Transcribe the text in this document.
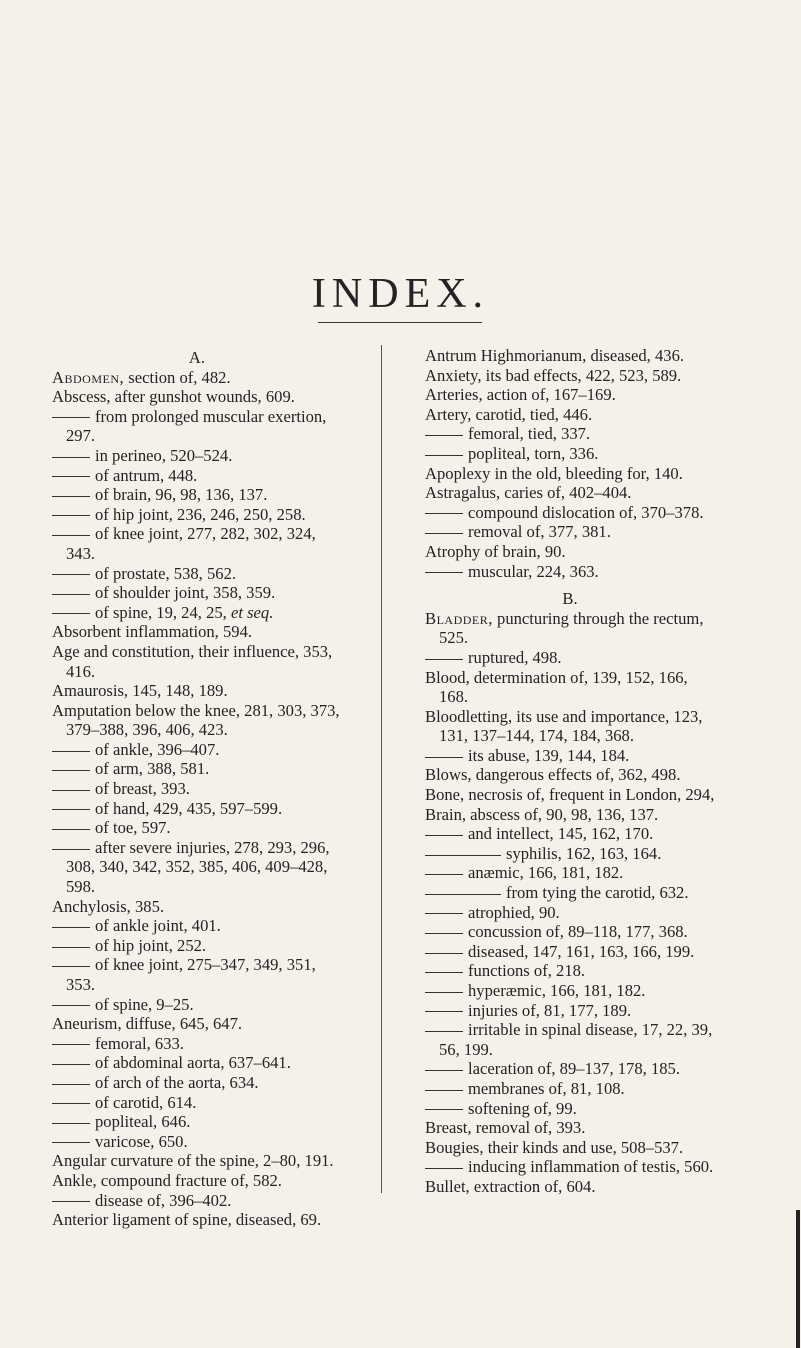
INDEX.

A.

Abdomen, section of, 482.

Abscess, after gunshot wounds, 609.

from prolonged muscular exertion, 297.

in perineo, 520–524.

of antrum, 448.

of brain, 96, 98, 136, 137.

of hip joint, 236, 246, 250, 258.

of knee joint, 277, 282, 302, 324, 343.

of prostate, 538, 562.

of shoulder joint, 358, 359.

of spine, 19, 24, 25, et seq.

Absorbent inflammation, 594.

Age and constitution, their influence, 353, 416.

Amaurosis, 145, 148, 189.

Amputation below the knee, 281, 303, 373, 379–388, 396, 406, 423.

of ankle, 396–407.

of arm, 388, 581.

of breast, 393.

of hand, 429, 435, 597–599.

of toe, 597.

after severe injuries, 278, 293, 296, 308, 340, 342, 352, 385, 406, 409–428, 598.

Anchylosis, 385.

of ankle joint, 401.

of hip joint, 252.

of knee joint, 275–347, 349, 351, 353.

of spine, 9–25.

Aneurism, diffuse, 645, 647.

femoral, 633.

of abdominal aorta, 637–641.

of arch of the aorta, 634.

of carotid, 614.

popliteal, 646.

varicose, 650.

Angular curvature of the spine, 2–80, 191.

Ankle, compound fracture of, 582.

disease of, 396–402.

Anterior ligament of spine, diseased, 69.

Antrum Highmorianum, diseased, 436.

Anxiety, its bad effects, 422, 523, 589.

Arteries, action of, 167–169.

Artery, carotid, tied, 446.

femoral, tied, 337.

popliteal, torn, 336.

Apoplexy in the old, bleeding for, 140.

Astragalus, caries of, 402–404.

compound dislocation of, 370–378.

removal of, 377, 381.

Atrophy of brain, 90.

muscular, 224, 363.

B.

Bladder, puncturing through the rectum, 525.

ruptured, 498.

Blood, determination of, 139, 152, 166, 168.

Bloodletting, its use and importance, 123, 131, 137–144, 174, 184, 368.

its abuse, 139, 144, 184.

Blows, dangerous effects of, 362, 498.

Bone, necrosis of, frequent in London, 294,

Brain, abscess of, 90, 98, 136, 137.

and intellect, 145, 162, 170.

syphilis, 162, 163, 164.

anæmic, 166, 181, 182.

from tying the carotid, 632.

atrophied, 90.

concussion of, 89–118, 177, 368.

diseased, 147, 161, 163, 166, 199.

functions of, 218.

hyperæmic, 166, 181, 182.

injuries of, 81, 177, 189.

irritable in spinal disease, 17, 22, 39, 56, 199.

laceration of, 89–137, 178, 185.

membranes of, 81, 108.

softening of, 99.

Breast, removal of, 393.

Bougies, their kinds and use, 508–537.

inducing inflammation of testis, 560.

Bullet, extraction of, 604.
